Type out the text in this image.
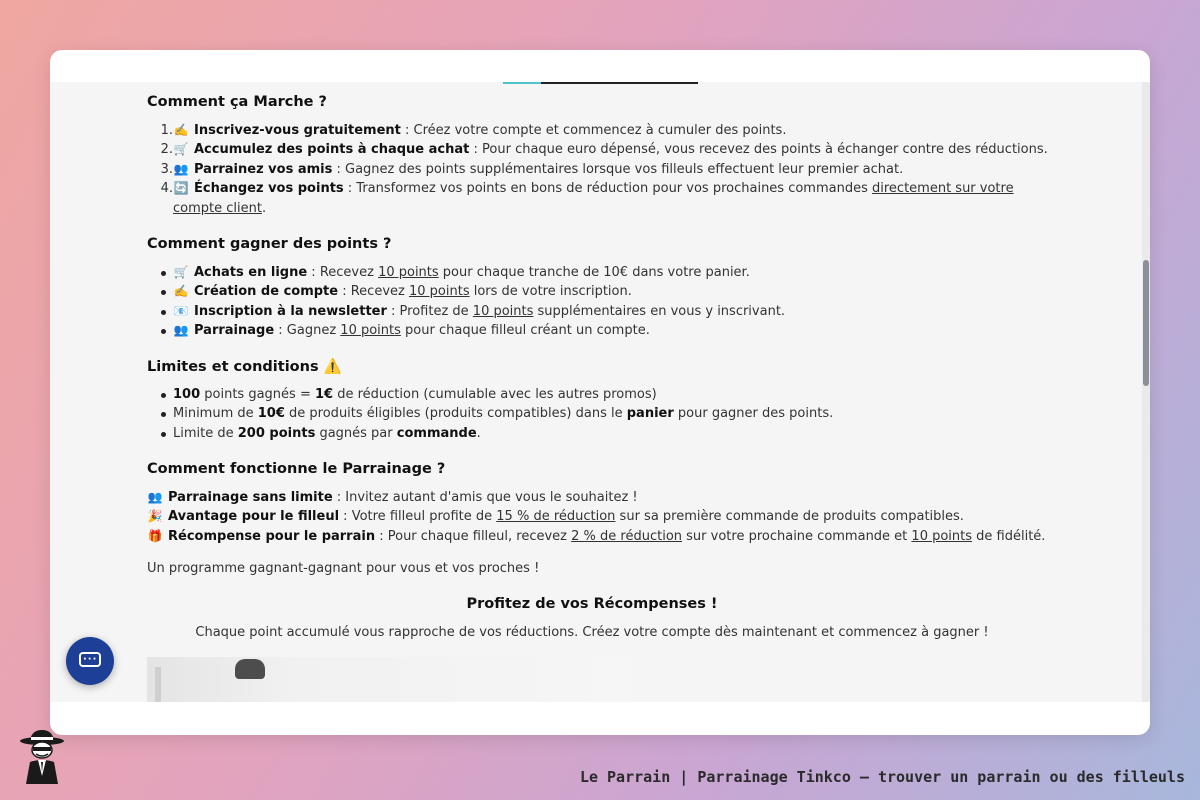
Comment ça Marche ?
1. ✍️ Inscrivez-vous gratuitement : Créez votre compte et commencez à cumuler des points.
2. 🛒 Accumulez des points à chaque achat : Pour chaque euro dépensé, vous recevez des points à échanger contre des réductions.
3. 👥 Parrainez vos amis : Gagnez des points supplémentaires lorsque vos filleuls effectuent leur premier achat.
4. 🔄 Échangez vos points : Transformez vos points en bons de réduction pour vos prochaines commandes directement sur votre
compte client.
Comment gagner des points ?
🛒 Achats en ligne : Recevez 10 points pour chaque tranche de 10€ dans votre panier.
✍️ Création de compte : Recevez 10 points lors de votre inscription.
📧 Inscription à la newsletter : Profitez de 10 points supplémentaires en vous y inscrivant.
👥 Parrainage : Gagnez 10 points pour chaque filleul créant un compte.
Limites et conditions ⚠️
100 points gagnés = 1€ de réduction (cumulable avec les autres promos)
Minimum de 10€ de produits éligibles (produits compatibles) dans le panier pour gagner des points.
Limite de 200 points gagnés par commande.
Comment fonctionne le Parrainage ?
👥 Parrainage sans limite : Invitez autant d'amis que vous le souhaitez !
🎉 Avantage pour le filleul : Votre filleul profite de 15 % de réduction sur sa première commande de produits compatibles.
🎁 Récompense pour le parrain : Pour chaque filleul, recevez 2 % de réduction sur votre prochaine commande et 10 points de fidélité.
Un programme gagnant-gagnant pour vous et vos proches !
Profitez de vos Récompenses !
Chaque point accumulé vous rapproche de vos réductions. Créez votre compte dès maintenant et commencez à gagner !
···
Le Parrain | Parrainage Tinkco — trouver un parrain ou des filleuls
